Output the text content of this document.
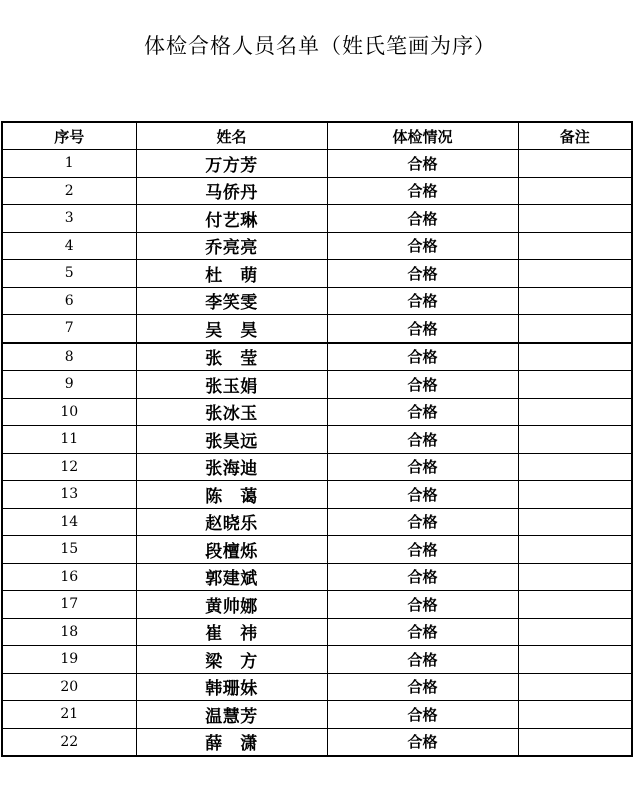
体检合格人员名单（姓氏笔画为序）
序号	姓名	体检情况	备注
1	万方芳	合格	
2	马侨丹	合格	
3	付艺琳	合格	
4	乔亮亮	合格	
5	杜　萌	合格	
6	李笑雯	合格	
7	吴　昊	合格	
8	张　莹	合格	
9	张玉娟	合格	
10	张冰玉	合格	
11	张昊远	合格	
12	张海迪	合格	
13	陈　蔼	合格	
14	赵晓乐	合格	
15	段檀烁	合格	
16	郭建斌	合格	
17	黄帅娜	合格	
18	崔　祎	合格	
19	梁　方	合格	
20	韩珊妹	合格	
21	温慧芳	合格	
22	薛　潇	合格	
